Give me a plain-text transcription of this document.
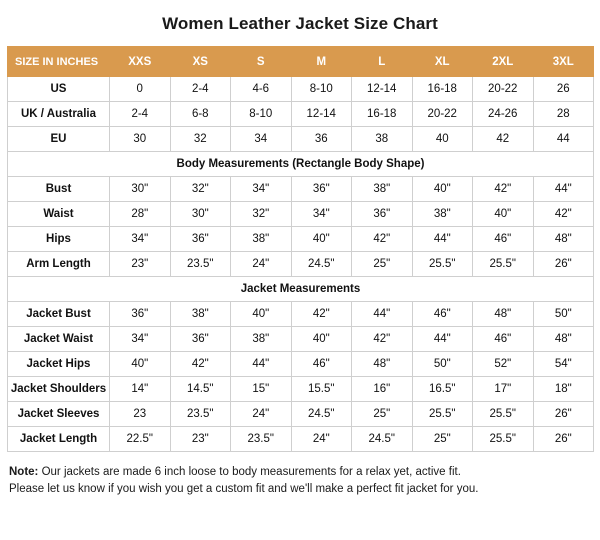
Women Leather Jacket Size Chart
SIZE IN INCHES	XXS	XS	S	M	L	XL	2XL	3XL
US	0	2-4	4-6	8-10	12-14	16-18	20-22	26
UK / Australia	2-4	6-8	8-10	12-14	16-18	20-22	24-26	28
EU	30	32	34	36	38	40	42	44
Body Measurements (Rectangle Body Shape)								
Bust	30"	32"	34"	36"	38"	40"	42"	44"
Waist	28"	30"	32"	34"	36"	38"	40"	42"
Hips	34"	36"	38"	40"	42"	44"	46"	48"
Arm Length	23"	23.5"	24"	24.5"	25"	25.5"	25.5"	26"
Jacket Measurements								
Jacket Bust	36"	38"	40"	42"	44"	46"	48"	50"
Jacket Waist	34"	36"	38"	40"	42"	44"	46"	48"
Jacket Hips	40"	42"	44"	46"	48"	50"	52"	54"
Jacket Shoulders	14"	14.5"	15"	15.5"	16"	16.5"	17"	18"
Jacket Sleeves	23	23.5"	24"	24.5"	25"	25.5"	25.5"	26"
Jacket Length	22.5"	23"	23.5"	24"	24.5"	25"	25.5"	26"
Note: Our jackets are made 6 inch loose to body measurements for a relax yet, active fit.
Please let us know if you wish you get a custom fit and we'll make a perfect fit jacket for you.
